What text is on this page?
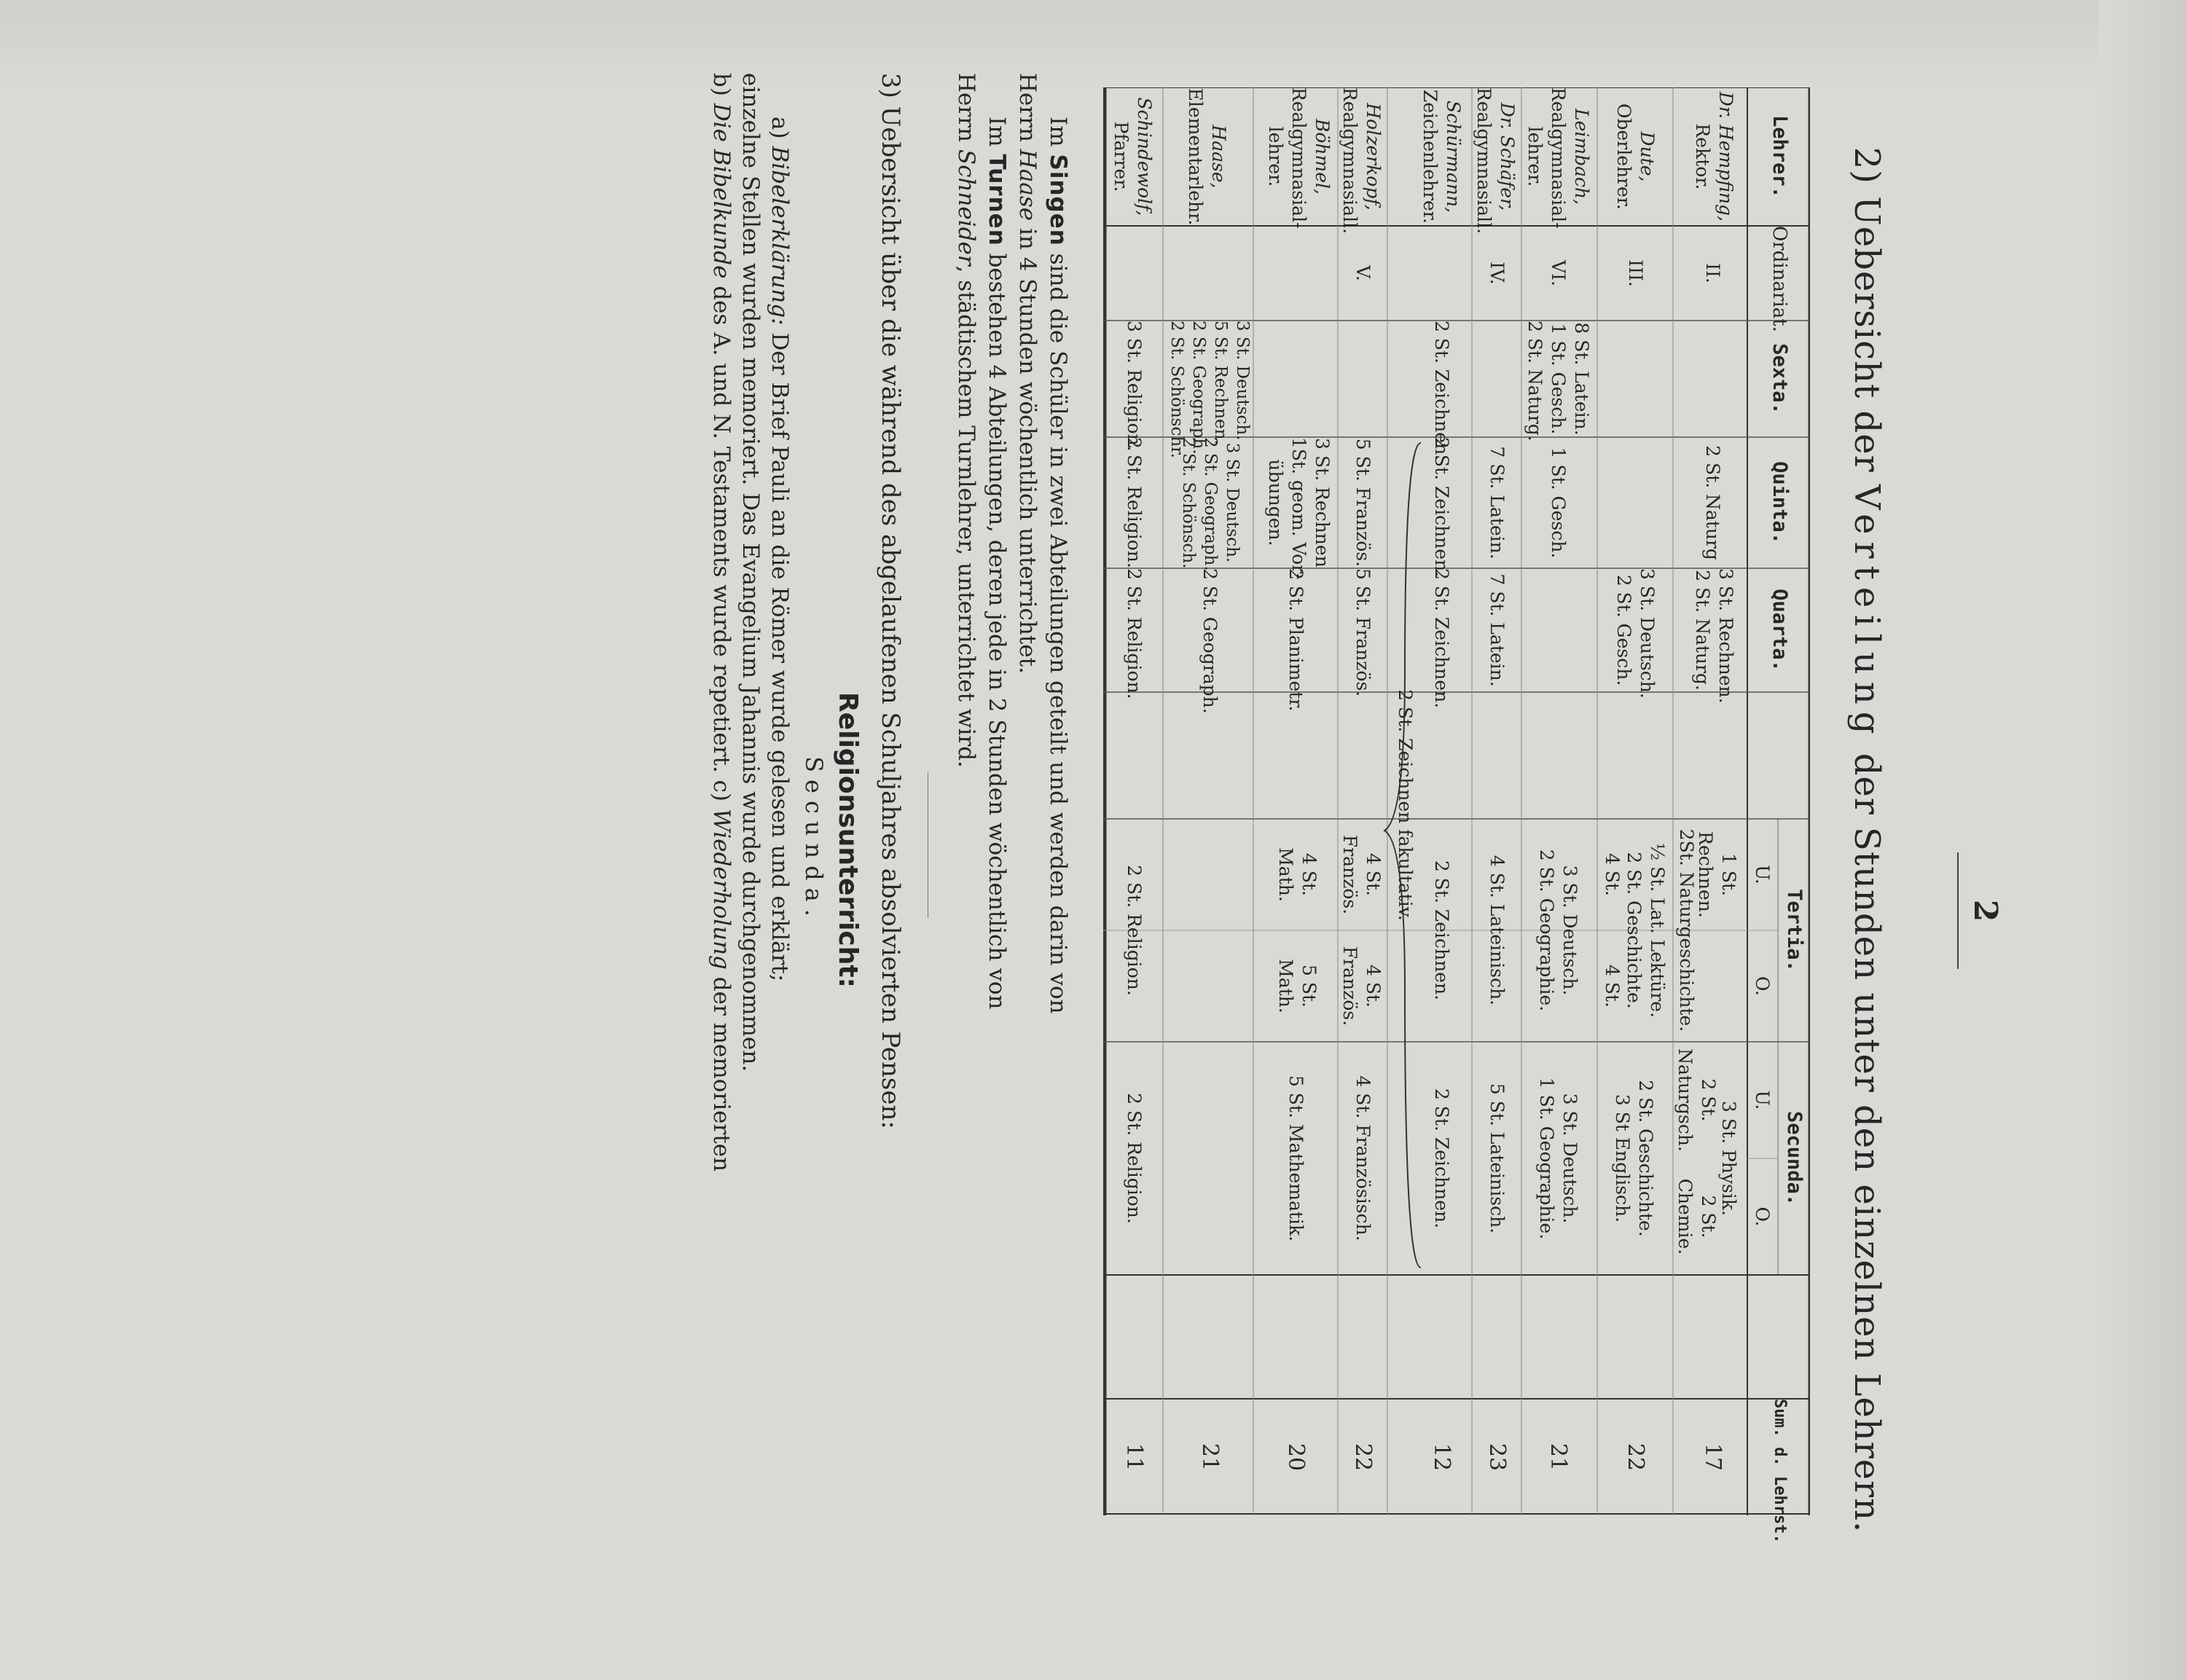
2
2) Uebersicht der Verteilung der Stunden unter den einzelnen Lehrern.
Lehrer.
Ordinariat.
Sexta.
Quinta.
Quarta.
Tertia.
U.
O.
Secunda.
U.
O.
Sum. d. Lehrst.
Dr. Hempfing,
Rektor.
II.
2 St. Naturg
3 St. Rechnen.
2 St. Naturg.
1 St.
Rechnen.
2St. Naturgeschichte.
3 St. Physik.
2 St.
Naturgsch.
2 St.
Chemie.
17
Dute,
Oberlehrer.
III.
3 St. Deutsch.
2 St. Gesch.
½ St. Lat. Lektüre.
2 St. Geschichte.
4 St.
4 St.
2 St. Geschichte.
3 St Englisch.
22
Leimbach,
Realgymnasial-
lehrer.
VI.
8 St. Latein.
1 St. Gesch.
2 St. Naturg.
1 St. Gesch.
3 St. Deutsch.
2 St. Geographie.
3 St. Deutsch.
1 St. Geographie.
21
Dr. Schäfer,
Realgymnasiall.
IV.
7 St. Latein.
7 St. Latein.
4 St. Lateinisch.
5 St. Lateinisch.
23
Schürmann,
Zeichenlehrer.
2 St. Zeichnen.
2 St. Zeichnen.
2 St. Zeichnen.
2 St. Zeichnen.
2 St. Zeichnen.
2 St. Zeichnen fakultativ.
12
Holzerkopf,
Realgymnasiall.
V.
5 St. Französ.
5 St. Französ.
4 St.
Französ.
4 St.
Französ.
4 St. Französisch.
22
Böhmel,
Realgymnasial-
lehrer.
3 St. Rechnen
1St. geom. Vor-
übungen.
2 St. Planimetr.
4 St.
Math.
5 St.
Math.
5 St. Mathematik.
20
Haase,
Elementarlehr.
3 St. Deutsch.
5 St. Rechnen.
2 St. Geograph.
2 St. Schönschr.
3 St. Deutsch.
2 St. Geograph.
2 St. Schönsch.
2 St. Geograph.
21
Schindewolf,
Pfarrer.
3 St. Religion.
2 St. Religion.
2 St. Religion.
2 St. Religion.
2 St. Religion.
11
Im Singen sind die Schüler in zwei Abteilungen geteilt und werden darin von
Herrn Haase in 4 Stunden wöchentlich unterrichtet.
Im Turnen bestehen 4 Abteilungen, deren jede in 2 Stunden wöchentlich von
Herrn Schneider, städtischem Turnlehrer, unterrichtet wird.
3) Uebersicht über die während des abgelaufenen Schuljahres absolvierten Pensen:
Religionsunterricht:
Secunda.
a) Bibelerklärung: Der Brief Pauli an die Römer wurde gelesen und erklärt;
einzelne Stellen wurden memoriert. Das Evangelium Jahannis wurde durchgenommen.
b) Die Bibelkunde des A. und N. Testaments wurde repetiert. c) Wiederholung der memorierten
